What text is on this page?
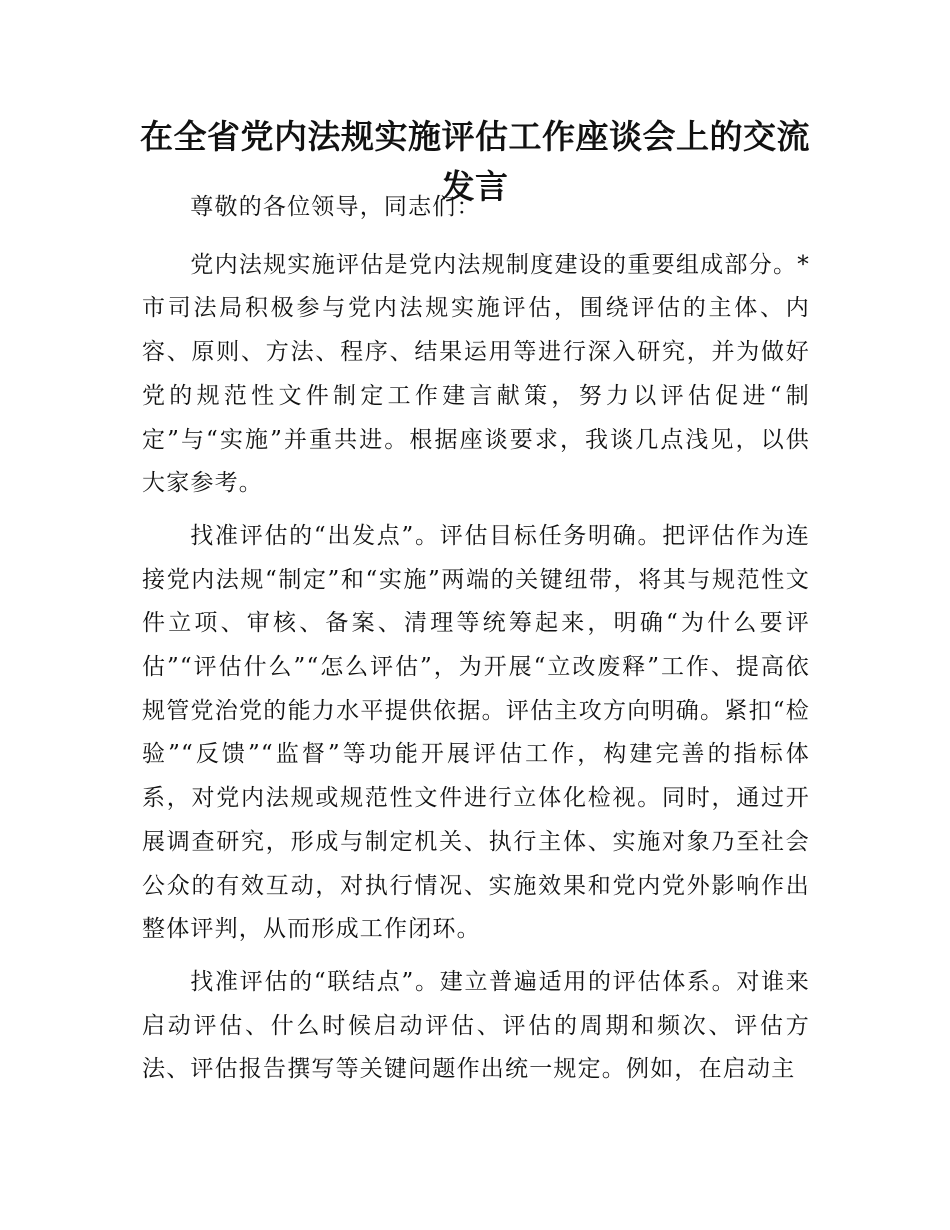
在全省党内法规实施评估工作座谈会上的交流
发言

尊敬的各位领导，同志们：

党内法规实施评估是党内法规制度建设的重要组成部分。*市司法局积极参与党内法规实施评估，围绕评估的主体、内容、原则、方法、程序、结果运用等进行深入研究，并为做好党的规范性文件制定工作建言献策，努力以评估促进“制定”与“实施”并重共进。根据座谈要求，我谈几点浅见，以供大家参考。

找准评估的“出发点”。评估目标任务明确。把评估作为连接党内法规“制定”和“实施”两端的关键纽带，将其与规范性文件立项、审核、备案、清理等统筹起来，明确“为什么要评估”“评估什么”“怎么评估”，为开展“立改废释”工作、提高依规管党治党的能力水平提供依据。评估主攻方向明确。紧扣“检验”“反馈”“监督”等功能开展评估工作，构建完善的指标体系，对党内法规或规范性文件进行立体化检视。同时，通过开展调查研究，形成与制定机关、执行主体、实施对象乃至社会公众的有效互动，对执行情况、实施效果和党内党外影响作出整体评判，从而形成工作闭环。

找准评估的“联结点”。建立普遍适用的评估体系。对谁来启动评估、什么时候启动评估、评估的周期和频次、评估方法、评估报告撰写等关键问题作出统一规定。例如，在启动主
